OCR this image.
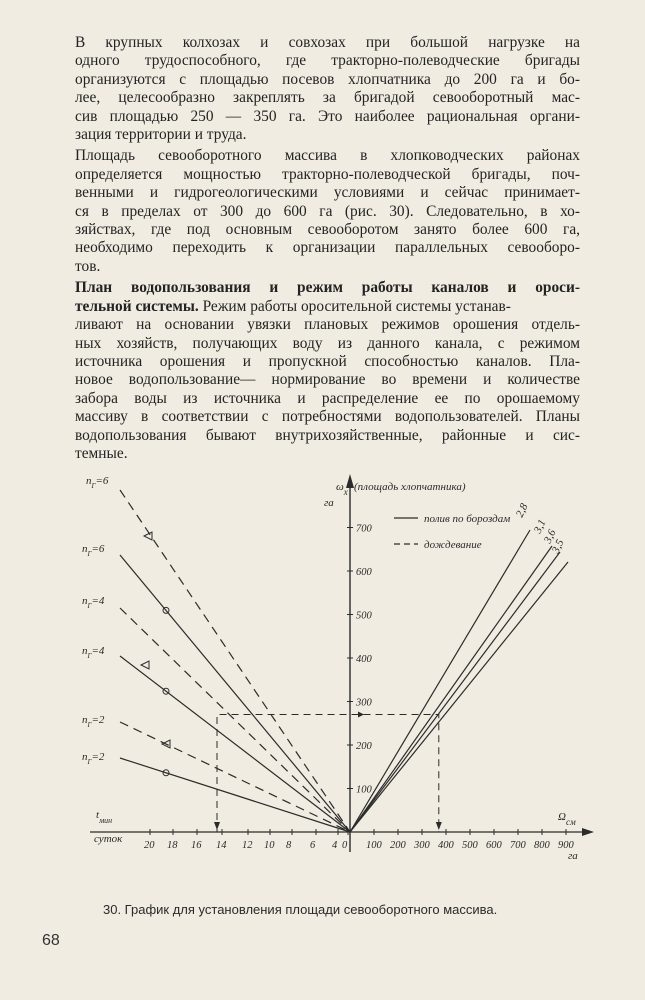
В крупных колхозах и совхозах при большой нагрузке на
одного трудоспособного, где тракторно-полеводческие бригады
организуются с площадью посевов хлопчатника до 200 га и бо-
лее, целесообразно закреплять за бригадой севооборотный мас-
сив площадью 250 — 350 га. Это наиболее рациональная органи-
зация территории и труда.

Площадь севооборотного массива в хлопководческих районах
определяется мощностью тракторно-полеводческой бригады, поч-
венными и гидрогеологическими условиями и сейчас принимает-
ся в пределах от 300 до 600 га (рис. 30). Следовательно, в хо-
зяйствах, где под основным севооборотом занято более 600 га,
необходимо переходить к организации параллельных севооборо-
тов.

План водопользования и режим работы каналов и ороси-
тельной системы. Режим работы оросительной системы устанав-
ливают на основании увязки плановых режимов орошения отдель-
ных хозяйств, получающих воду из данного канала, с режимом
источника орошения и пропускной способностью каналов. Пла-
новое водопользование— нормирование во времени и количестве
забора воды из источника и распределение ее по орошаемому
массиву в соответствии с потребностями водопользователей. Планы
водопользования бывают внутрихозяйственные, районные и сис-
темные.

$\omega_x$ (площадь хлопчатника)
га
100
200
300
400
500
600
700
100 200 300 400 500 600 700 800 900
$\Omega_{см}$
га
20 18 16 14 12 10 8 6 4 0
$t_{мин}$
суток
полив по бороздам
дождевание
$n_Г=6$
$n_Г=6$
$n_Г=4$
$n_Г=4$
$n_Г=2$
$n_Г=2$
2,8
3,1
3,6
3,5
30. График для установления площади севооборотного массива.
68
